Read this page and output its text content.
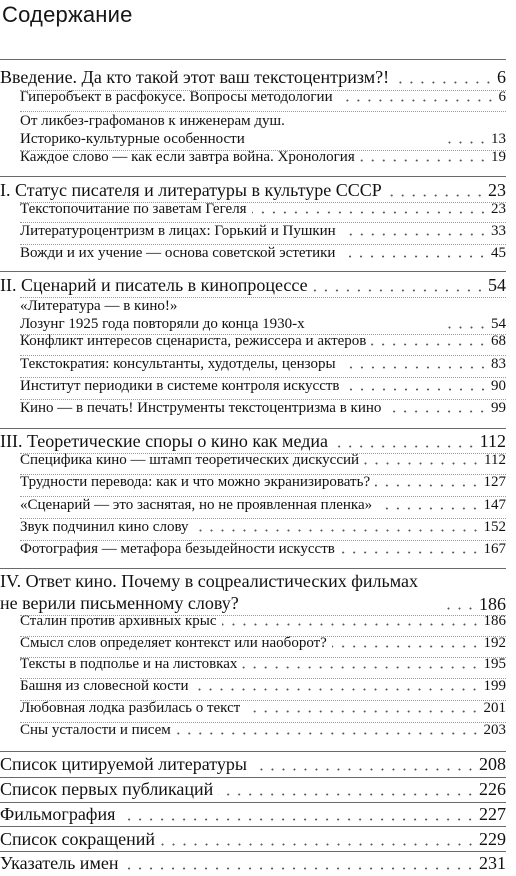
Содержание
Введение. Да кто такой этот ваш текстоцентризм?!	6
Гиперобъект в расфокусе. Вопросы методологии	6
От ликбез-графоманов к инженерам душ.
Историко-культурные особенности	13
Каждое слово — как если завтра война. Хронология	19
I. Статус писателя и литературы в культуре СССР	23
Текстопочитание по заветам Гегеля	23
Литературоцентризм в лицах: Горький и Пушкин	33
Вожди и их учение — основа советской эстетики	45
II. Сценарий и писатель в кинопроцессе	54
«Литература — в кино!»
Лозунг 1925 года повторяли до конца 1930-х	54
Конфликт интересов сценариста, режиссера и актеров	68
Текстократия: консультанты, худотделы, цензоры	83
Институт периодики в системе контроля искусств	90
Кино — в печать! Инструменты текстоцентризма в кино	99
III. Теоретические споры о кино как медиа	112
Специфика кино — штамп теоретических дискуссий	112
Трудности перевода: как и что можно экранизировать?	127
«Сценарий — это заснятая, но не проявленная пленка»	147
Звук подчинил кино слову	152
Фотография — метафора безыдейности искусств	167
IV. Ответ кино. Почему в соцреалистических фильмах
не верили письменному слову?	186
Сталин против архивных крыс	186
Смысл слов определяет контекст или наоборот?	192
Тексты в подполье и на листовках	195
Башня из словесной кости	199
Любовная лодка разбилась о текст	201
Сны усталости и писем	203
Список цитируемой литературы	208
Список первых публикаций	226
Фильмография	227
Список сокращений	229
Указатель имен	231
